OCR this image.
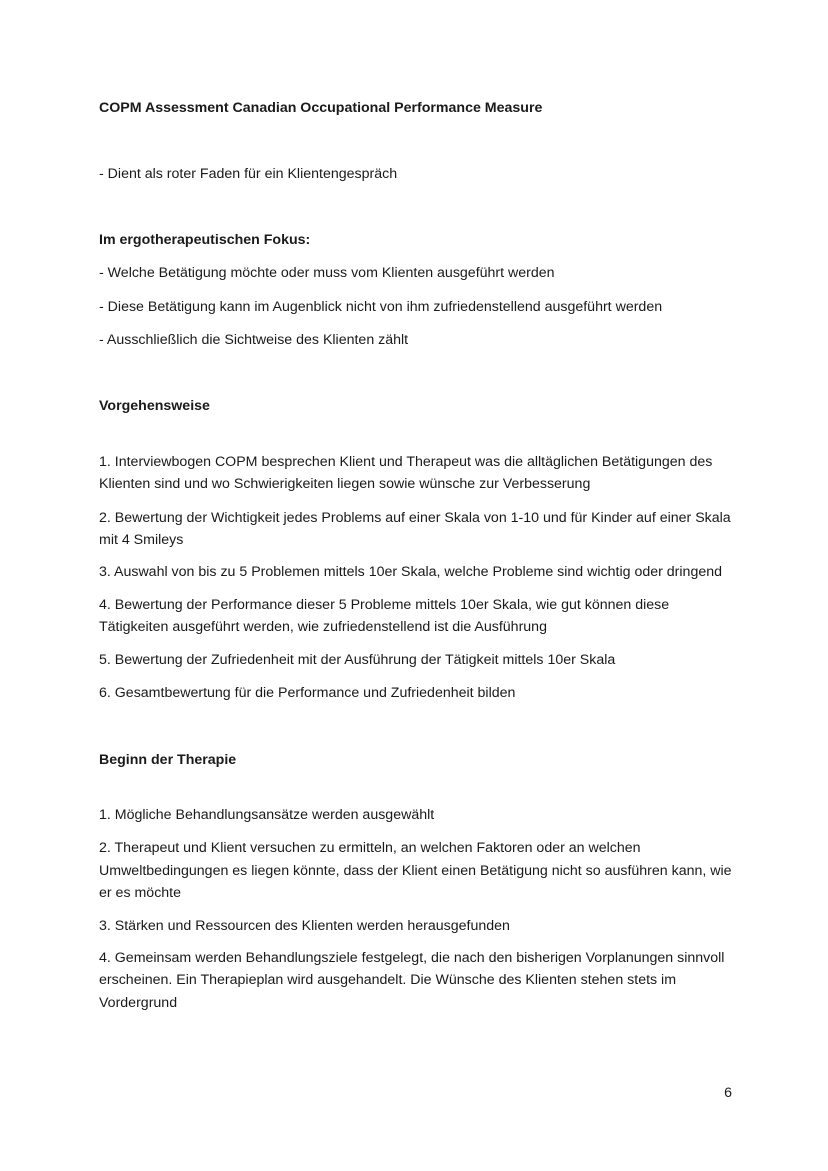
COPM Assessment Canadian Occupational Performance Measure

- Dient als roter Faden für ein Klientengespräch

Im ergotherapeutischen Fokus:

- Welche Betätigung möchte oder muss vom Klienten ausgeführt werden

- Diese Betätigung kann im Augenblick nicht von ihm zufriedenstellend ausgeführt werden

- Ausschließlich die Sichtweise des Klienten zählt

Vorgehensweise

1. Interviewbogen COPM besprechen Klient und Therapeut was die alltäglichen Betätigungen des Klienten sind und wo Schwierigkeiten liegen sowie wünsche zur Verbesserung

2. Bewertung der Wichtigkeit jedes Problems auf einer Skala von 1-10 und für Kinder auf einer Skala mit 4 Smileys

3. Auswahl von bis zu 5 Problemen mittels 10er Skala, welche Probleme sind wichtig oder dringend

4. Bewertung der Performance dieser 5 Probleme mittels 10er Skala, wie gut können diese Tätigkeiten ausgeführt werden, wie zufriedenstellend ist die Ausführung

5. Bewertung der Zufriedenheit mit der Ausführung der Tätigkeit mittels 10er Skala

6. Gesamtbewertung für die Performance und Zufriedenheit bilden

Beginn der Therapie

1. Mögliche Behandlungsansätze werden ausgewählt

2. Therapeut und Klient versuchen zu ermitteln, an welchen Faktoren oder an welchen Umweltbedingungen es liegen könnte, dass der Klient einen Betätigung nicht so ausführen kann, wie er es möchte

3. Stärken und Ressourcen des Klienten werden herausgefunden

4. Gemeinsam werden Behandlungsziele festgelegt, die nach den bisherigen Vorplanungen sinnvoll erscheinen. Ein Therapieplan wird ausgehandelt. Die Wünsche des Klienten stehen stets im Vordergrund

6
